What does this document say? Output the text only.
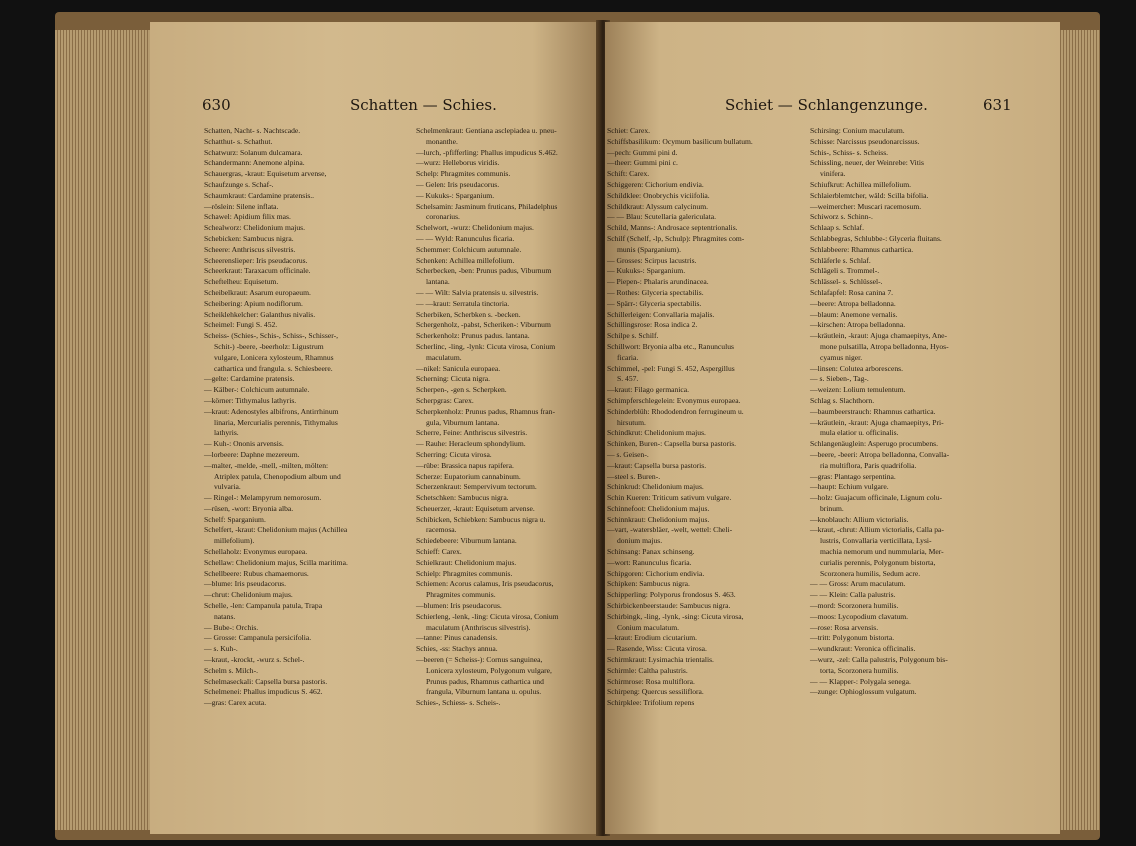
630	Schatten — Schies.
Schatten, Nacht- s. Nachtscade.
Schatthut- s. Schathut.
Schatwurz: Solanum dulcamara.
Schandermann: Anemone alpina.
Schauergras, -kraut: Equisetum arvense,
Schaufzunge s. Schaf-.
Schaumkraut: Cardamine pratensis..
—röslein: Silene inflata.
Schawel: Apidium filix mas.
Schealworz: Chelidonium majus.
Schebicken: Sambucus nigra.
Scheere: Anthriscus silvestris.
Scheerenslieper: Iris pseudacorus.
Scheerkraut: Taraxacum officinale.
Scheftelheu: Equisetum.
Scheibelkraut: Asarum europaeum.
Scheibering: Apium nodiflorum.
Scheiklehkelcher: Galanthus nivalis.
Scheimel: Fungi S. 452.
Scheiss- (Schies-, Schis-, Schiss-, Schisser-,
Schit-) -beere, -beerholz: Ligustrum
vulgare, Lonicera xylosteum, Rhamnus
cathartica und frangula. s. Schiesbeere.
—gelte: Cardamine pratensis.
— Kälber-: Colchicum autumnale.
—körner: Tithymalus lathyris.
—kraut: Adenostyles albifrons, Antirrhinum
linaria, Mercurialis perennis, Tithymalus
lathyris.
— Kuh-: Ononis arvensis.
—lorbeere: Daphne mezereum.
—malter, -melde, -mell, -milten, mölten:
Atriplex patula, Chenopodium album und
vulvaria.
— Ringel-: Melampyrum nemorosum.
—rüsen, -wort: Bryonia alba.
Schelf: Sparganium.
Schelfert, -kraut: Chelidonium majus (Achillea
millefolium).
Schellaholz: Evonymus europaea.
Schellaw: Chelidonium majus, Scilla maritima.
Schellbeere: Rubus chamaemorus.
—blume: Iris pseudacorus.
—chrut: Chelidonium majus.
Schelle, -len: Campanula patula, Trapa
natans.
— Bube-: Orchis.
— Grosse: Campanula persicifolia.
— s. Kuh-.
—kraut, -krockt, -wurz s. Schel-.
Schelm s. Milch-.
Schelmaseckali: Capsella bursa pastoris.
Schelmenei: Phallus impudicus S. 462.
—gras: Carex acuta.
Schelmenkraut: Gentiana asclepiadea u. pneu-
monanthe.
—lurch, -pfifferling: Phallus impudicus S.462.
—wurz: Helleborus viridis.
Schelp: Phragmites communis.
— Gelen: Iris pseudacorus.
— Kukuks-: Sparganium.
Schelsamin: Jasminum fruticans, Philadelphus
coronarius.
Schelwort, -wurz: Chelidonium majus.
— — Wyld: Ranunculus ficaria.
Schemmer: Colchicum autumnale.
Schenken: Achillea millefolium.
Scherbecken, -ben: Prunus padus, Viburnum
lantana.
— — Wilt: Salvia pratensis u. silvestris.
— —kraut: Serratula tinctoria.
Scherbiken, Scherbken s. -becken.
Schergenholz, -pabst, Scheriken-: Viburnum
Scherkenholz: Prunus padus. lantana.
Scherlinc, -ling, -lynk: Cicuta virosa, Conium
maculatum.
—nikel: Sanicula europaea.
Scherning: Cicuta nigra.
Scherpen-, -gen s. Scherpken.
Scherpgras: Carex.
Scherpkenholz: Prunus padus, Rhamnus fran-
gula, Viburnum lantana.
Scherre, Feine: Anthriscus silvestris.
— Rauhe: Heracleum sphondylium.
Scherring: Cicuta virosa.
—rübe: Brassica napus rapifera.
Scherze: Eupatorium cannabinum.
Scherzenkraut: Sempervivum tectorum.
Schetschken: Sambucus nigra.
Scheuerzer, -kraut: Equisetum arvense.
Schibicken, Schiebken: Sambucus nigra u.
racemosa.
Schiedebeere: Viburnum lantana.
Schieff: Carex.
Schielkraut: Chelidonium majus.
Schielp: Phragmites communis.
Schiemen: Acorus calamus, Iris pseudacorus,
Phragmites communis.
—blumen: Iris pseudacorus.
Schierleng, -lenk, -ling: Cicuta virosa, Conium
maculatum (Anthriscus silvestris).
—tanne: Pinus canadensis.
Schies, -ss: Stachys annua.
—beeren (= Scheiss-): Cornus sanguinea,
Lonicera xylosteum, Polygonum vulgare,
Prunus padus, Rhamnus cathartica und
frangula, Viburnum lantana u. opulus.
Schies-, Schiess- s. Scheis-.
Schiet — Schlangenzunge.	631
Schiet: Carex.
Schiffsbasilikum: Ocymum basilicum bullatum.
—pech: Gummi pini d.
—theer: Gummi pini c.
Schift: Carex.
Schiggeren: Cichorium endivia.
Schildklee: Onobrychis viciifolia.
Schildkraut: Alyssum calycinum.
— — Blau: Scutellaria galericulata.
Schild, Manns-: Androsace septentrionalis.
Schilf (Schelf, -lp, Schulp): Phragmites com-
munis (Sparganium).
— Grosses: Scirpus lacustris.
— Kukuks-: Sparganium.
— Piepen-: Phalaris arundinacea.
— Rothes: Glyceria spectabilis.
— Spärr-: Glyceria spectabilis.
Schillerleigen: Convallaria majalis.
Schillingsrose: Rosa indica 2.
Schilpe s. Schilf.
Schillwort: Bryonia alba etc., Ranunculus
ficaria.
Schimmel, -pel: Fungi S. 452, Aspergillus
S. 457.
—kraut: Filago germanica.
Schimpferschlegelein: Evonymus europaea.
Schinderblüh: Rhododendron ferrugineum u.
hirsutum.
Schindkrut: Chelidonium majus.
Schinken, Buren-: Capsella bursa pastoris.
— s. Geisen-.
—kraut: Capsella bursa pastoris.
—steel s. Buren-.
Schinkrud: Chelidonium majus.
Schin Kueren: Triticum sativum vulgare.
Schinnefoot: Chelidonium majus.
Schinnkraut: Chelidonium majus.
—vart, -watersbläer, -welt, wettel: Cheli-
donium majus.
Schinsang: Panax schinseng.
—wort: Ranunculus ficaria.
Schipgoren: Cichorium endivia.
Schipken: Sambucus nigra.
Schipperling: Polyporus frondosus S. 463.
Schirbickenbeerstaude: Sambucus nigra.
Schirbingk, -ling, -lynk, -sing: Cicuta virosa,
Conium maculatum.
—kraut: Erodium cicutarium.
— Rasende, Wiss: Cicuta virosa.
Schirmkraut: Lysimachia trientalis.
Schirmle: Caltha palustris.
Schirmrose: Rosa multiflora.
Schirpeng: Quercus sessiliflora.
Schirpklee: Trifolium repens
Schirsing: Conium maculatum.
Schisse: Narcissus pseudonarcissus.
Schis-, Schiss- s. Scheiss.
Schissling, neuer, der Weinrebe: Vitis
vinifera.
Schiufkrut: Achillea millefolium.
Schlaierblemtcher, wäld: Scilla bifolia.
—weimercher: Muscari racemosum.
Schiworz s. Schinn-.
Schlaap s. Schlaf.
Schlabbegras, Schlubbe-: Glyceria fluitans.
Schlabbeere: Rhamnus cathartica.
Schläferle s. Schlaf.
Schlägeli s. Trommel-.
Schlässel- s. Schlüssel-.
Schlafapfel: Rosa canina 7.
—beere: Atropa belladonna.
—blaum: Anemone vernalis.
—kirschen: Atropa belladonna.
—kräutlein, -kraut: Ajuga chamaepitys, Ane-
mone pulsatilla, Atropa belladonna, Hyos-
cyamus niger.
—linsen: Colutea arborescens.
— s. Sieben-, Tag-.
—weizen: Lolium temulentum.
Schlag s. Slachthorn.
—baumbeerstrauch: Rhamnus cathartica.
—kräutlein, -kraut: Ajuga chamaepitys, Pri-
mula elatior u. officinalis.
Schlangenäuglein: Asperugo procumbens.
—beere, -beeri: Atropa belladonna, Convalla-
ria multiflora, Paris quadrifolia.
—gras: Plantago serpentina.
—haupt: Echium vulgare.
—holz: Guajacum officinale, Lignum colu-
brinum.
—knoblauch: Allium victorialis.
—kraut, -chrut: Allium victorialis, Calla pa-
lustris, Convallaria verticillata, Lysi-
machia nemorum und nummularia, Mer-
curialis perennis, Polygonum bistorta,
Scorzonera humilis, Sedum acre.
— — Gross: Arum maculatum.
— — Klein: Calla palustris.
—mord: Scorzonera humilis.
—moos: Lycopodium clavatum.
—rose: Rosa arvensis.
—tritt: Polygonum bistorta.
—wundkraut: Veronica officinalis.
—wurz, -zel: Calla palustris, Polygonum bis-
torta, Scorzonera humilis.
— — Klapper-: Polygala senega.
—zunge: Ophioglossum vulgatum.
